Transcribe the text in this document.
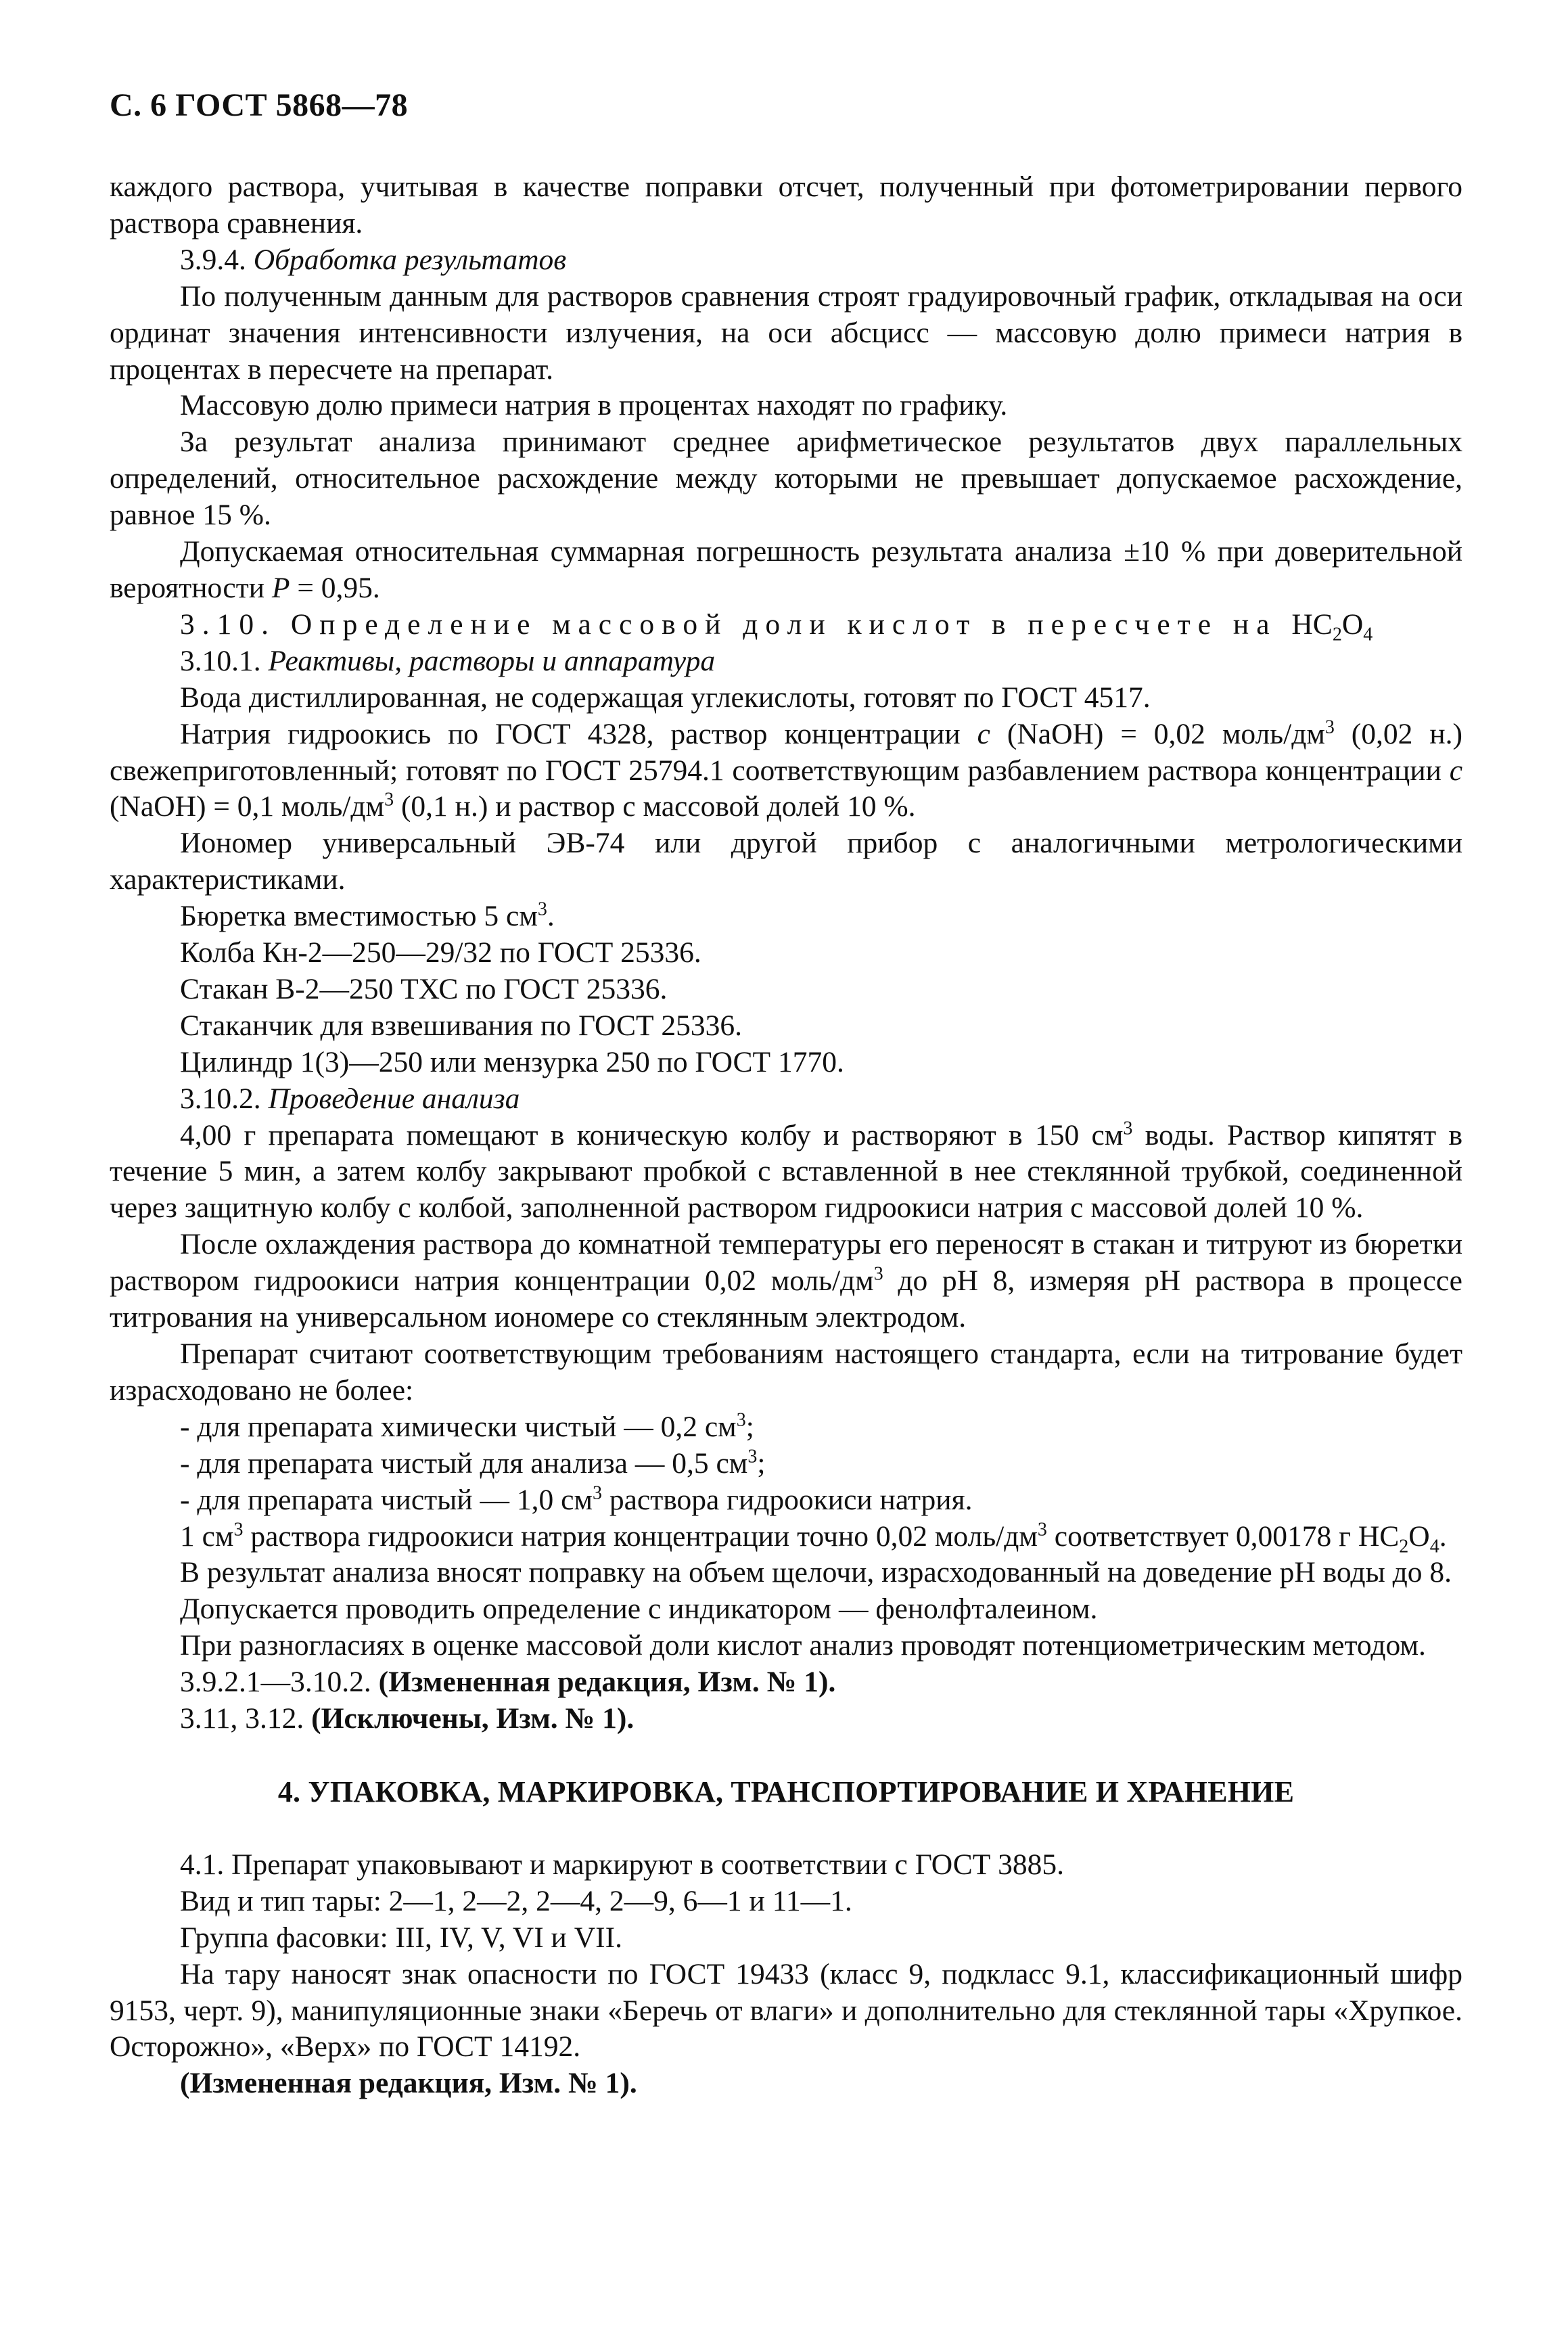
С. 6 ГОСТ 5868—78

каждого раствора, учитывая в качестве поправки отсчет, полученный при фотометрировании первого раствора сравнения.

3.9.4. Обработка результатов

По полученным данным для растворов сравнения строят градуировочный график, откладывая на оси ординат значения интенсивности излучения, на оси абсцисс — массовую долю примеси натрия в процентах в пересчете на препарат.

Массовую долю примеси натрия в процентах находят по графику.

За результат анализа принимают среднее арифметическое результатов двух параллельных определений, относительное расхождение между которыми не превышает допускаемое расхождение, равное 15 %.

Допускаемая относительная суммарная погрешность результата анализа ±10 % при доверительной вероятности P = 0,95.

3.10. Определение массовой доли кислот в пересчете на $НС_2О_4$

3.10.1. Реактивы, растворы и аппаратура

Вода дистиллированная, не содержащая углекислоты, готовят по ГОСТ 4517.

Натрия гидроокись по ГОСТ 4328, раствор концентрации c (NaOH) = 0,02 моль/$дм^3$ (0,02 н.) свежеприготовленный; готовят по ГОСТ 25794.1 соответствующим разбавлением раствора концентрации c (NaOH) = 0,1 моль/$дм^3$ (0,1 н.) и раствор с массовой долей 10 %.

Иономер универсальный ЭВ-74 или другой прибор с аналогичными метрологическими характеристиками.

Бюретка вместимостью 5 $см^3$.

Колба Кн-2—250—29/32 по ГОСТ 25336.

Стакан В-2—250 ТХС по ГОСТ 25336.

Стаканчик для взвешивания по ГОСТ 25336.

Цилиндр 1(3)—250 или мензурка 250 по ГОСТ 1770.

3.10.2. Проведение анализа

4,00 г препарата помещают в коническую колбу и растворяют в 150 $см^3$ воды. Раствор кипятят в течение 5 мин, а затем колбу закрывают пробкой с вставленной в нее стеклянной трубкой, соединенной через защитную колбу с колбой, заполненной раствором гидроокиси натрия с массовой долей 10 %.

После охлаждения раствора до комнатной температуры его переносят в стакан и титруют из бюретки раствором гидроокиси натрия концентрации 0,02 моль/$дм^3$ до рН 8, измеряя рН раствора в процессе титрования на универсальном иономере со стеклянным электродом.

Препарат считают соответствующим требованиям настоящего стандарта, если на титрование будет израсходовано не более:

- для препарата химически чистый — 0,2 $см^3$;

- для препарата чистый для анализа — 0,5 $см^3$;

- для препарата чистый — 1,0 $см^3$ раствора гидроокиси натрия.

1 $см^3$ раствора гидроокиси натрия концентрации точно 0,02 моль/$дм^3$ соответствует 0,00178 г $НС_2О_4$.

В результат анализа вносят поправку на объем щелочи, израсходованный на доведение рН воды до 8.

Допускается проводить определение с индикатором — фенолфталеином.

При разногласиях в оценке массовой доли кислот анализ проводят потенциометрическим методом.

3.9.2.1—3.10.2. (Измененная редакция, Изм. № 1).

3.11, 3.12. (Исключены, Изм. № 1).

4. УПАКОВКА, МАРКИРОВКА, ТРАНСПОРТИРОВАНИЕ И ХРАНЕНИЕ

4.1. Препарат упаковывают и маркируют в соответствии с ГОСТ 3885.

Вид и тип тары: 2—1, 2—2, 2—4, 2—9, 6—1 и 11—1.

Группа фасовки: III, IV, V, VI и VII.

На тару наносят знак опасности по ГОСТ 19433 (класс 9, подкласс 9.1, классификационный шифр 9153, черт. 9), манипуляционные знаки «Беречь от влаги» и дополнительно для стеклянной тары «Хрупкое. Осторожно», «Верх» по ГОСТ 14192.

(Измененная редакция, Изм. № 1).
